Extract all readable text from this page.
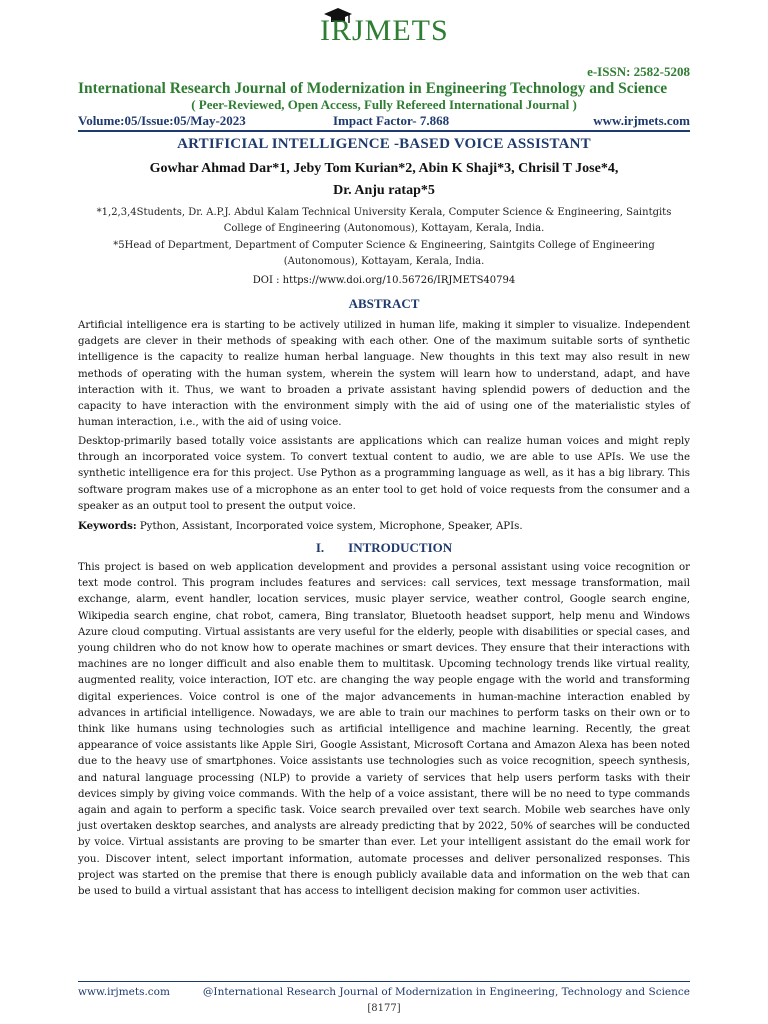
IRJMETS
e-ISSN: 2582-5208
International Research Journal of Modernization in Engineering Technology and Science
( Peer-Reviewed, Open Access, Fully Refereed International Journal )
Volume:05/Issue:05/May-2023	Impact Factor- 7.868	www.irjmets.com
ARTIFICIAL INTELLIGENCE -BASED VOICE ASSISTANT
Gowhar Ahmad Dar*1, Jeby Tom Kurian*2, Abin K Shaji*3, Chrisil T Jose*4,
Dr. Anju ratap*5
*1,2,3,4Students, Dr. A.P.J. Abdul Kalam Technical University Kerala, Computer Science & Engineering, Saintgits College of Engineering (Autonomous), Kottayam, Kerala, India.
*5Head of Department, Department of Computer Science & Engineering, Saintgits College of Engineering (Autonomous), Kottayam, Kerala, India.
DOI : https://www.doi.org/10.56726/IRJMETS40794
ABSTRACT
Artificial intelligence era is starting to be actively utilized in human life, making it simpler to visualize. Independent gadgets are clever in their methods of speaking with each other. One of the maximum suitable sorts of synthetic intelligence is the capacity to realize human herbal language. New thoughts in this text may also result in new methods of operating with the human system, wherein the system will learn how to understand, adapt, and have interaction with it. Thus, we want to broaden a private assistant having splendid powers of deduction and the capacity to have interaction with the environment simply with the aid of using one of the materialistic styles of human interaction, i.e., with the aid of using voice.
Desktop-primarily based totally voice assistants are applications which can realize human voices and might reply through an incorporated voice system. To convert textual content to audio, we are able to use APIs. We use the synthetic intelligence era for this project. Use Python as a programming language as well, as it has a big library. This software program makes use of a microphone as an enter tool to get hold of voice requests from the consumer and a speaker as an output tool to present the output voice.
Keywords: Python, Assistant, Incorporated voice system, Microphone, Speaker, APIs.
I. INTRODUCTION
This project is based on web application development and provides a personal assistant using voice recognition or text mode control. This program includes features and services: call services, text message transformation, mail exchange, alarm, event handler, location services, music player service, weather control, Google search engine, Wikipedia search engine, chat robot, camera, Bing translator, Bluetooth headset support, help menu and Windows Azure cloud computing. Virtual assistants are very useful for the elderly, people with disabilities or special cases, and young children who do not know how to operate machines or smart devices. They ensure that their interactions with machines are no longer difficult and also enable them to multitask. Upcoming technology trends like virtual reality, augmented reality, voice interaction, IOT etc. are changing the way people engage with the world and transforming digital experiences. Voice control is one of the major advancements in human-machine interaction enabled by advances in artificial intelligence. Nowadays, we are able to train our machines to perform tasks on their own or to think like humans using technologies such as artificial intelligence and machine learning. Recently, the great appearance of voice assistants like Apple Siri, Google Assistant, Microsoft Cortana and Amazon Alexa has been noted due to the heavy use of smartphones. Voice assistants use technologies such as voice recognition, speech synthesis, and natural language processing (NLP) to provide a variety of services that help users perform tasks with their devices simply by giving voice commands. With the help of a voice assistant, there will be no need to type commands again and again to perform a specific task. Voice search prevailed over text search. Mobile web searches have only just overtaken desktop searches, and analysts are already predicting that by 2022, 50% of searches will be conducted by voice. Virtual assistants are proving to be smarter than ever. Let your intelligent assistant do the email work for you. Discover intent, select important information, automate processes and deliver personalized responses. This project was started on the premise that there is enough publicly available data and information on the web that can be used to build a virtual assistant that has access to intelligent decision making for common user activities.
www.irjmets.com	@International Research Journal of Modernization in Engineering, Technology and Science
[8177]
